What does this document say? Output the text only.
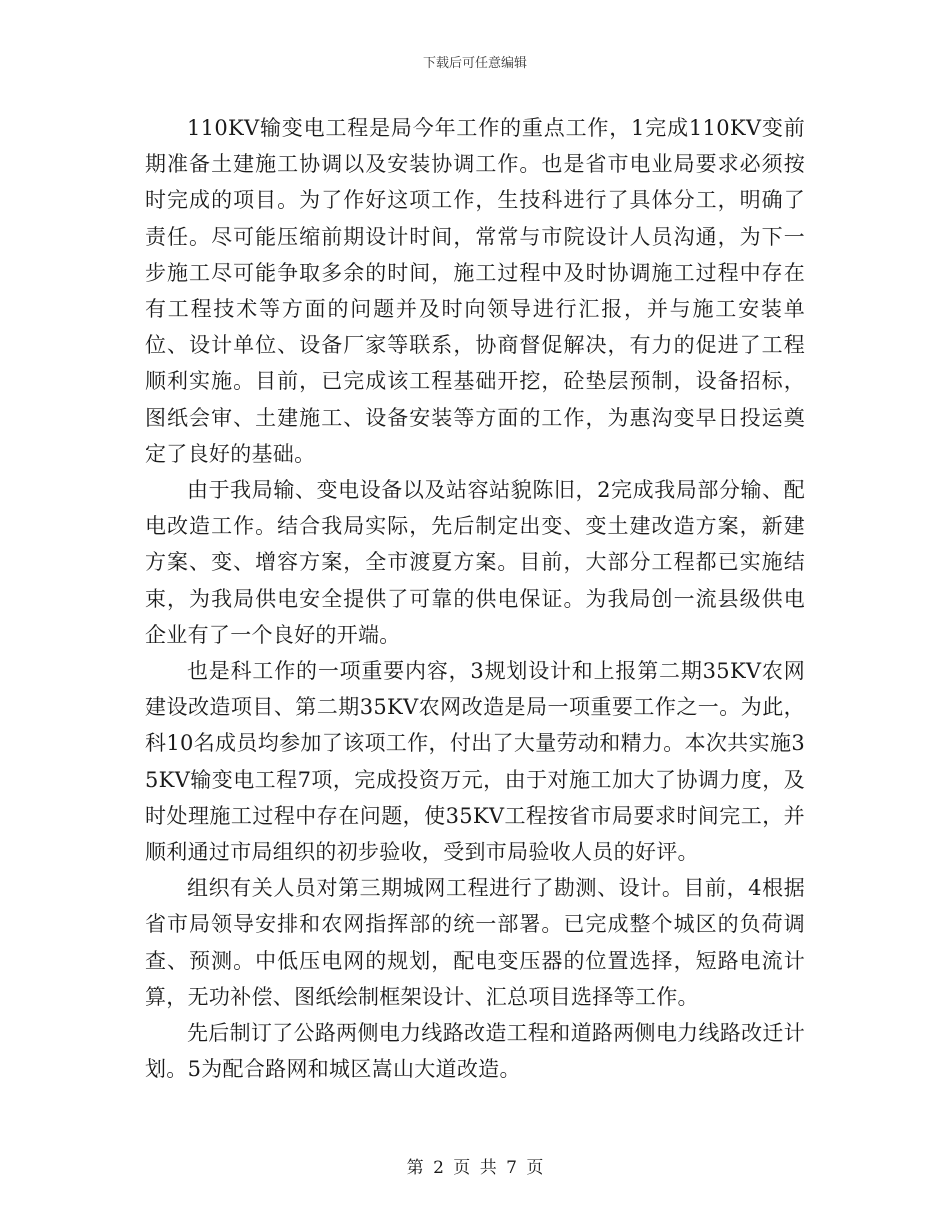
下载后可任意编辑

110KV输变电工程是局今年工作的重点工作，1完成110KV变前期准备土建施工协调以及安装协调工作。也是省市电业局要求必须按时完成的项目。为了作好这项工作，生技科进行了具体分工，明确了责任。尽可能压缩前期设计时间，常常与市院设计人员沟通，为下一步施工尽可能争取多余的时间，施工过程中及时协调施工过程中存在有工程技术等方面的问题并及时向领导进行汇报，并与施工安装单位、设计单位、设备厂家等联系，协商督促解决，有力的促进了工程顺利实施。目前，已完成该工程基础开挖，砼垫层预制，设备招标，图纸会审、土建施工、设备安装等方面的工作，为惠沟变早日投运奠定了良好的基础。

由于我局输、变电设备以及站容站貌陈旧，2完成我局部分输、配电改造工作。结合我局实际，先后制定出变、变土建改造方案，新建方案、变、增容方案，全市渡夏方案。目前，大部分工程都已实施结束，为我局供电安全提供了可靠的供电保证。为我局创一流县级供电企业有了一个良好的开端。

也是科工作的一项重要内容，3规划设计和上报第二期35KV农网建设改造项目、第二期35KV农网改造是局一项重要工作之一。为此，科10名成员均参加了该项工作，付出了大量劳动和精力。本次共实施35KV输变电工程7项，完成投资万元，由于对施工加大了协调力度，及时处理施工过程中存在问题，使35KV工程按省市局要求时间完工，并顺利通过市局组织的初步验收，受到市局验收人员的好评。

组织有关人员对第三期城网工程进行了勘测、设计。目前，4根据省市局领导安排和农网指挥部的统一部署。已完成整个城区的负荷调查、预测。中低压电网的规划，配电变压器的位置选择，短路电流计算，无功补偿、图纸绘制框架设计、汇总项目选择等工作。

先后制订了公路两侧电力线路改造工程和道路两侧电力线路改迁计划。5为配合路网和城区嵩山大道改造。

第 2 页 共 7 页
